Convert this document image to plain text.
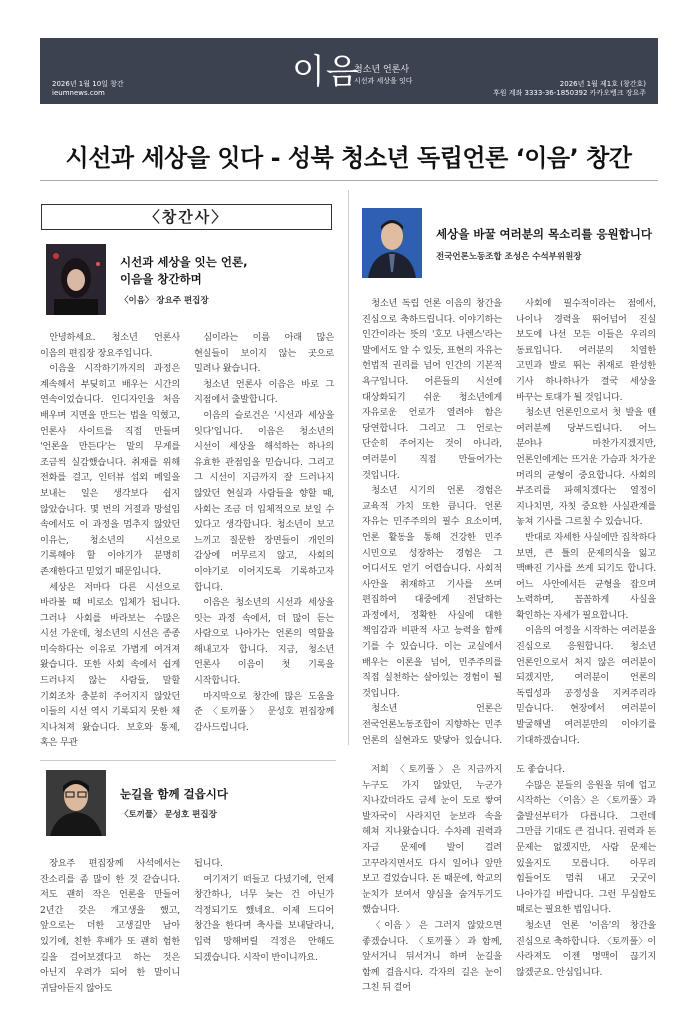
이음
청소년 언론사
시선과 세상을 잇다
2026년 1월 10일 창간
ieumnews.com
2026년 1월 제1호 (창간호)
후원 계좌 3333-36-1850392 카카오뱅크 장요주
시선과 세상을 잇다 - 성북 청소년 독립언론 ‘이음’ 창간
〈창간사〉
시선과 세상을 잇는 언론,
이음을 창간하며
〈이음〉 장요주 편집장

안녕하세요. 청소년 언론사 이음의 편집장 장요주입니다.

이음을 시작하기까지의 과정은 계속해서 부딪히고 배우는 시간의 연속이었습니다. 인디자인을 처음 배우며 지면을 만드는 법을 익혔고, 언론사 사이트를 직접 만들며 '언론을 만든다'는 말의 무게를 조금씩 실감했습니다. 취재를 위해 전화를 걸고, 인터뷰 섭외 메일을 보내는 일은 생각보다 쉽지 않았습니다. 몇 번의 거절과 망설임 속에서도 이 과정을 멈추지 않았던 이유는, 청소년의 시선으로 기록해야 할 이야기가 분명히 존재한다고 믿었기 때문입니다.

세상은 저마다 다른 시선으로 바라볼 때 비로소 입체가 됩니다. 그러나 사회를 바라보는 수많은 시선 가운데, 청소년의 시선은 종종 미숙하다는 이유로 가볍게 여겨져 왔습니다. 또한 사회 속에서 쉽게 드러나지 않는 사람들, 말할 기회조차 충분히 주어지지 않았던 이들의 시선 역시 기록되지 못한 채 지나쳐져 왔습니다. 보호와 통제, 혹은 무관

심이라는 이름 아래 많은 현실들이 보이지 않는 곳으로 밀려나 왔습니다.

청소년 언론사 이음은 바로 그 지점에서 출발합니다.

이음의 슬로건은 '시선과 세상을 잇다'입니다. 이음은 청소년의 시선이 세상을 해석하는 하나의 유효한 관점임을 믿습니다. 그리고 그 시선이 지금까지 잘 드러나지 않았던 현실과 사람들을 향할 때, 사회는 조금 더 입체적으로 보일 수 있다고 생각합니다. 청소년이 보고 느끼고 질문한 장면들이 개인의 감상에 머무르지 않고, 사회의 이야기로 이어지도록 기록하고자 합니다.

이음은 청소년의 시선과 세상을 잇는 과정 속에서, 더 많이 듣는 사람으로 나아가는 언론의 역할을 해내고자 합니다. 지금, 청소년 언론사 이음이 첫 기록을 시작합니다.

마지막으로 창간에 많은 도움을 준 〈토끼풀〉 문성호 편집장께 감사드립니다.

세상을 바꿀 여러분의 목소리를 응원합니다
전국언론노동조합 조성은 수석부위원장

청소년 독립 언론 이음의 창간을 진심으로 축하드립니다. 이야기하는 인간이라는 뜻의 '호모 나렌스'라는 말에서도 알 수 있듯, 표현의 자유는 헌법적 권리를 넘어 인간의 기본적 욕구입니다. 어른들의 시선에 대상화되기 쉬운 청소년에게 자유로운 언로가 열려야 함은 당연합니다. 그리고 그 언로는 단순히 주어지는 것이 아니라, 여러분이 직접 만들어가는 것입니다.

청소년 시기의 언론 경험은 교육적 가치 또한 큽니다. 언론 자유는 민주주의의 필수 요소이며, 언론 활동을 통해 건강한 민주 시민으로 성장하는 경험은 그 어디서도 얻기 어렵습니다. 사회적 사안을 취재하고 기사를 쓰며 편집하여 대중에게 전달하는 과정에서, 정확한 사실에 대한 책임감과 비판적 사고 능력을 함께 기를 수 있습니다. 이는 교실에서 배우는 이론을 넘어, 민주주의를 직접 실천하는 살아있는 경험이 될 것입니다.

청소년 언론은 전국언론노동조합이 지향하는 민주 언론의 실현과도 맞닿아 있습니다.

사회에 필수적이라는 점에서, 나이나 경력을 뛰어넘어 진실 보도에 나선 모든 이들은 우리의 동료입니다. 여러분의 치열한 고민과 발로 뛰는 취재로 완성한 기사 하나하나가 결국 세상을 바꾸는 토대가 될 것입니다.

청소년 언론인으로서 첫 발을 뗀 여러분께 당부드립니다. 어느 분야나 마찬가지겠지만, 언론인에게는 뜨거운 가슴과 차가운 머리의 균형이 중요합니다. 사회의 부조리를 파헤치겠다는 열정이 지나치면, 자칫 중요한 사실관계를 놓쳐 기사를 그르칠 수 있습니다.

반대로 자세한 사실에만 집착하다 보면, 큰 틀의 문제의식을 잃고 맥빠진 기사를 쓰게 되기도 합니다. 어느 사안에서든 균형을 잡으며 노력하며, 꼼꼼하게 사실을 확인하는 자세가 필요합니다.

이음의 여정을 시작하는 여러분을 진심으로 응원합니다. 청소년 언론인으로서 처지 않은 여러분이 되겠지만, 여러분이 언론의 독립성과 공정성을 지켜주리라 믿습니다. 현장에서 여러분이 발굴해낼 여러분만의 이야기를 기대하겠습니다.

눈길을 함께 걸읍시다
〈토끼풀〉 문성호 편집장

장요주 편집장께 사석에서는 잔소리를 좀 많이 한 것 같습니다. 저도 괜히 작은 언론을 만들어 2년간 갖은 개고생을 했고, 앞으로는 더한 고생길만 남아 있기에, 친한 후배가 또 괜히 험한 길을 걸어보겠다고 하는 것은 아닌지 우려가 되어 한 말이니 귀담아듣지 않아도

됩니다.

여기저기 떠들고 다녔기에, 언제 창간하나, 너무 늦는 건 아닌가 걱정되기도 했네요. 이제 드디어 창간을 한다며 축사를 보내달라니, 입력 망해버릴 걱정은 안해도 되겠습니다. 시작이 반이니까요.

저희 〈토끼풀〉은 지금까지 누구도 가지 않았던, 누군가 지나갔더라도 금세 눈이 도로 쌓여 발자국이 사라지던 눈보라 속을 헤쳐 지나왔습니다. 수차례 권력과 자금 문제에 발이 걸려 고꾸라지면서도 다시 일어나 앞만 보고 걸었습니다. 돈 때문에, 학교의 눈치가 보여서 양심을 숨겨두기도 했습니다.

〈이음〉은 그러지 않았으면 좋겠습니다. 〈토끼풀〉과 함께, 앞서거니 뒤서거니 하며 눈길을 함께 걸읍시다. 각자의 길은 눈이 그친 뒤 걸어

도 좋습니다.

수많은 분들의 응원을 뒤에 업고 시작하는 〈이음〉은 〈토끼풀〉과 출발선부터가 다릅니다. 그런데 그만큼 기대도 큰 겁니다. 권력과 돈 문제는 없겠지만, 사람 문제는 있을지도 모릅니다. 아무리 힘들어도 멈춰 내고 굿굿이 나아가길 바랍니다. 그런 무심함도 때로는 필요한 법입니다.

청소년 언론 '이음'의 창간을 진심으로 축하합니다. 〈토끼풀〉이 사라져도 이젠 명맥이 끊기지 않겠군요. 안심입니다.
